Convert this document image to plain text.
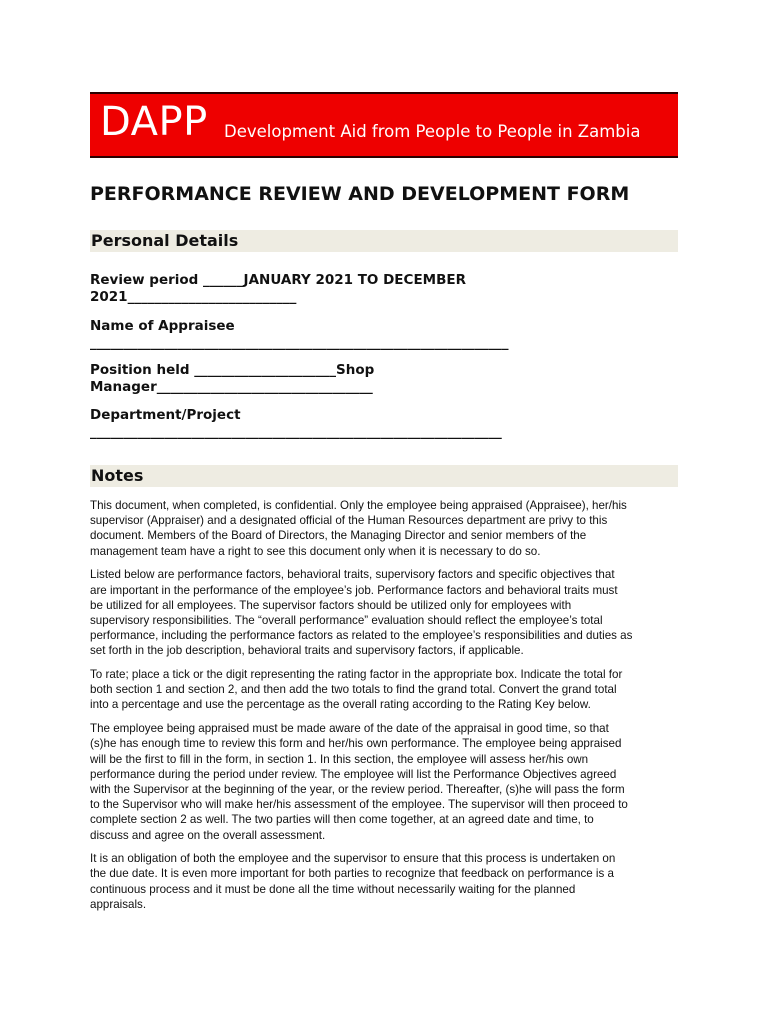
DAPP Development Aid from People to People in Zambia
PERFORMANCE REVIEW AND DEVELOPMENT FORM
Personal Details
Review period ______JANUARY 2021 TO DECEMBER
2021_________________________
Name of Appraisee
______________________________________________________________
Position held _____________________Shop
Manager________________________________
Department/Project
_____________________________________________________________
Notes

This document, when completed, is confidential. Only the employee being appraised (Appraisee), her/his
supervisor (Appraiser) and a designated official of the Human Resources department are privy to this
document. Members of the Board of Directors, the Managing Director and senior members of the
management team have a right to see this document only when it is necessary to do so.

Listed below are performance factors, behavioral traits, supervisory factors and specific objectives that
are important in the performance of the employee’s job. Performance factors and behavioral traits must
be utilized for all employees. The supervisor factors should be utilized only for employees with
supervisory responsibilities. The “overall performance” evaluation should reflect the employee’s total
performance, including the performance factors as related to the employee’s responsibilities and duties as
set forth in the job description, behavioral traits and supervisory factors, if applicable.

To rate; place a tick or the digit representing the rating factor in the appropriate box. Indicate the total for
both section 1 and section 2, and then add the two totals to find the grand total. Convert the grand total
into a percentage and use the percentage as the overall rating according to the Rating Key below.

The employee being appraised must be made aware of the date of the appraisal in good time, so that
(s)he has enough time to review this form and her/his own performance. The employee being appraised
will be the first to fill in the form, in section 1. In this section, the employee will assess her/his own
performance during the period under review. The employee will list the Performance Objectives agreed
with the Supervisor at the beginning of the year, or the review period. Thereafter, (s)he will pass the form
to the Supervisor who will make her/his assessment of the employee. The supervisor will then proceed to
complete section 2 as well. The two parties will then come together, at an agreed date and time, to
discuss and agree on the overall assessment.

It is an obligation of both the employee and the supervisor to ensure that this process is undertaken on
the due date. It is even more important for both parties to recognize that feedback on performance is a
continuous process and it must be done all the time without necessarily waiting for the planned
appraisals.
